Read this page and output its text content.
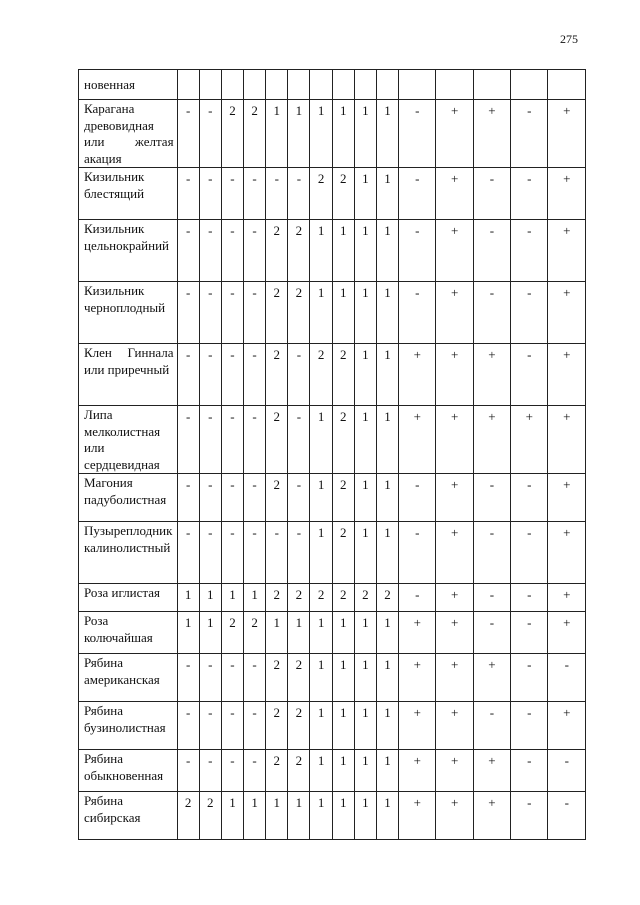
275
новенная															
Карагана древовидная или желтая акация	-	-	2	2	1	1	1	1	1	1	-	+	+	-	+
Кизильник блестящий	-	-	-	-	-	-	2	2	1	1	-	+	-	-	+
Кизильник цельнокрайний	-	-	-	-	2	2	1	1	1	1	-	+	-	-	+
Кизильник черноплодный	-	-	-	-	2	2	1	1	1	1	-	+	-	-	+
Клен Гиннала или приречный	-	-	-	-	2	-	2	2	1	1	+	+	+	-	+
Липа мелколистная или сердцевидная	-	-	-	-	2	-	1	2	1	1	+	+	+	+	+
Магония падуболистная	-	-	-	-	2	-	1	2	1	1	-	+	-	-	+
Пузыреплодник калинолистный	-	-	-	-	-	-	1	2	1	1	-	+	-	-	+
Роза иглистая	1	1	1	1	2	2	2	2	2	2	-	+	-	-	+
Роза колючайшая	1	1	2	2	1	1	1	1	1	1	+	+	-	-	+
Рябина американская	-	-	-	-	2	2	1	1	1	1	+	+	+	-	-
Рябина бузинолистная	-	-	-	-	2	2	1	1	1	1	+	+	-	-	+
Рябина обыкновенная	-	-	-	-	2	2	1	1	1	1	+	+	+	-	-
Рябина сибирская	2	2	1	1	1	1	1	1	1	1	+	+	+	-	-
